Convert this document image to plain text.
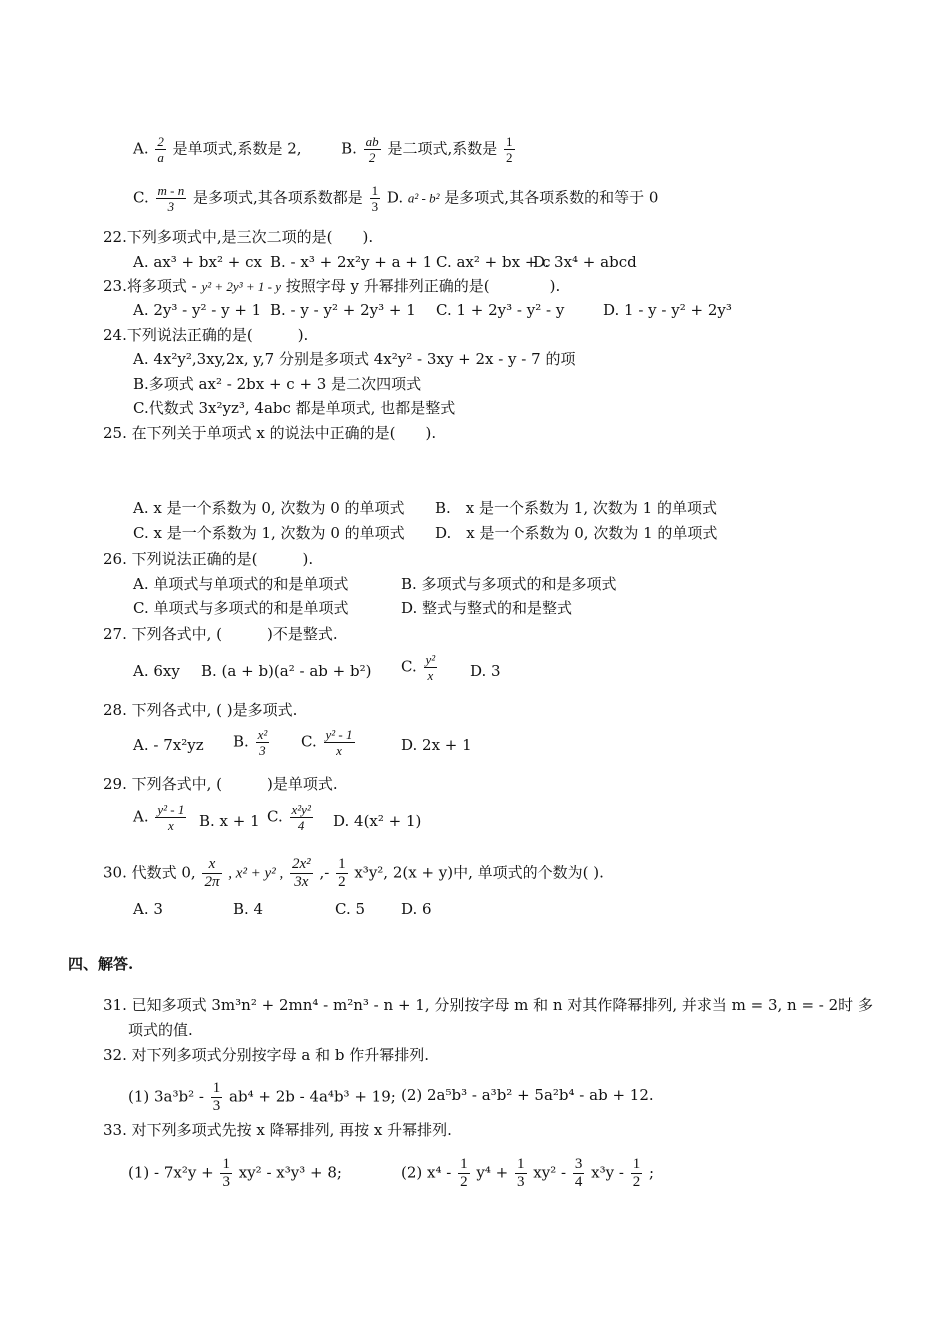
A. $\frac{2}{a}$ 是单项式,系数是 2,	B. $\frac{ab}{2}$ 是二项式,系数是 $\frac{1}{2}$
C. $\frac{m - n}{3}$ 是多项式,其各项系数都是 $\frac{1}{3} D$. a² - b² 是多项式,其各项系数的和等于 0
22.下列多项式中,是三次二项的是(　　).
A. ax³ + bx² + cx B. - x³ + 2x²y + a + 1 C. ax² + bx + c
D. 3x⁴ + abcd
23.将多项式 - y² + 2y³ + 1 - y 按照字母 y 升幂排列正确的是(　　　　).
A. 2y³ - y² - y + 1 B. - y - y² + 2y³ + 1 C. 1 + 2y³ - y² - y	D. 1 - y - y² + 2y³
24.下列说法正确的是(　　　).
A. 4x²y²,3xy,2x, y,7 分别是多项式 4x²y² - 3xy + 2x - y - 7 的项
B.多项式 ax² - 2bx + c + 3 是二次四项式
C.代数式 3x²yz³, 4abc 都是单项式, 也都是整式
25. 在下列关于单项式 x 的说法中正确的是(　　).
A. x 是一个系数为 0, 次数为 0 的单项式 B.　x 是一个系数为 1, 次数为 1 的单项式
C. x 是一个系数为 1, 次数为 0 的单项式 D.　x 是一个系数为 0, 次数为 1 的单项式
26. 下列说法正确的是(　　　).
A. 单项式与单项式的和是单项式	B. 多项式与多项式的和是多项式
C. 单项式与多项式的和是单项式	D. 整式与整式的和是整式
27. 下列各式中, (　　　)不是整式.
A. 6xy B. (a + b)(a² - ab + b²) C. $\frac{\text{y²}}{x} D$. 3
28. 下列各式中, ( )是多项式.
A. - 7x²yz B. $\frac{\text{x²}}{3} C$. $\frac{\text{y² - 1}}{x}$	D. 2x + 1
29. 下列各式中, (　　　)是单项式.
A. $\frac{\text{y² - 1}}{x} B$. x + 1 C. $\frac{\text{x²y²}}{4} D$. 4(x² + 1)
30. 代数式 0, $\frac{x}{2\pi}$ , x² + y² , $\frac{\text{2x²}}{3x}$ ,- $\frac{1}{2} x^3y^2$, 2(x + y)中, 单项式的个数为( ).
A. 3	B. 4	C. 5 D. 6
四、解答.
31. 已知多项式 3m³n² + 2mn⁴ - m²n³ - n + 1, 分别按字母 m 和 n 对其作降幂排列, 并求当 m = 3, n = - 2时 多
项式的值.
32. 对下列多项式分别按字母 a 和 b 作升幂排列.
(1) $3a^3b^2 - \frac{1}{3} ab^4 + 2b - 4a^4b^3 + 19$; (2) 2a⁵b³ - a³b² + 5a²b⁴ - ab + 12.
33. 对下列多项式先按 x 降幂排列, 再按 x 升幂排列.
$(1) - 7x^2y + \frac{1}{3} xy^2 - x^3y^3 + 8$;	(2) $x^4 - \frac{1}{2} y^4 + \frac{1}{3} xy^2 - \frac{3}{4} x^3y - \frac{1}{2}$ ;
